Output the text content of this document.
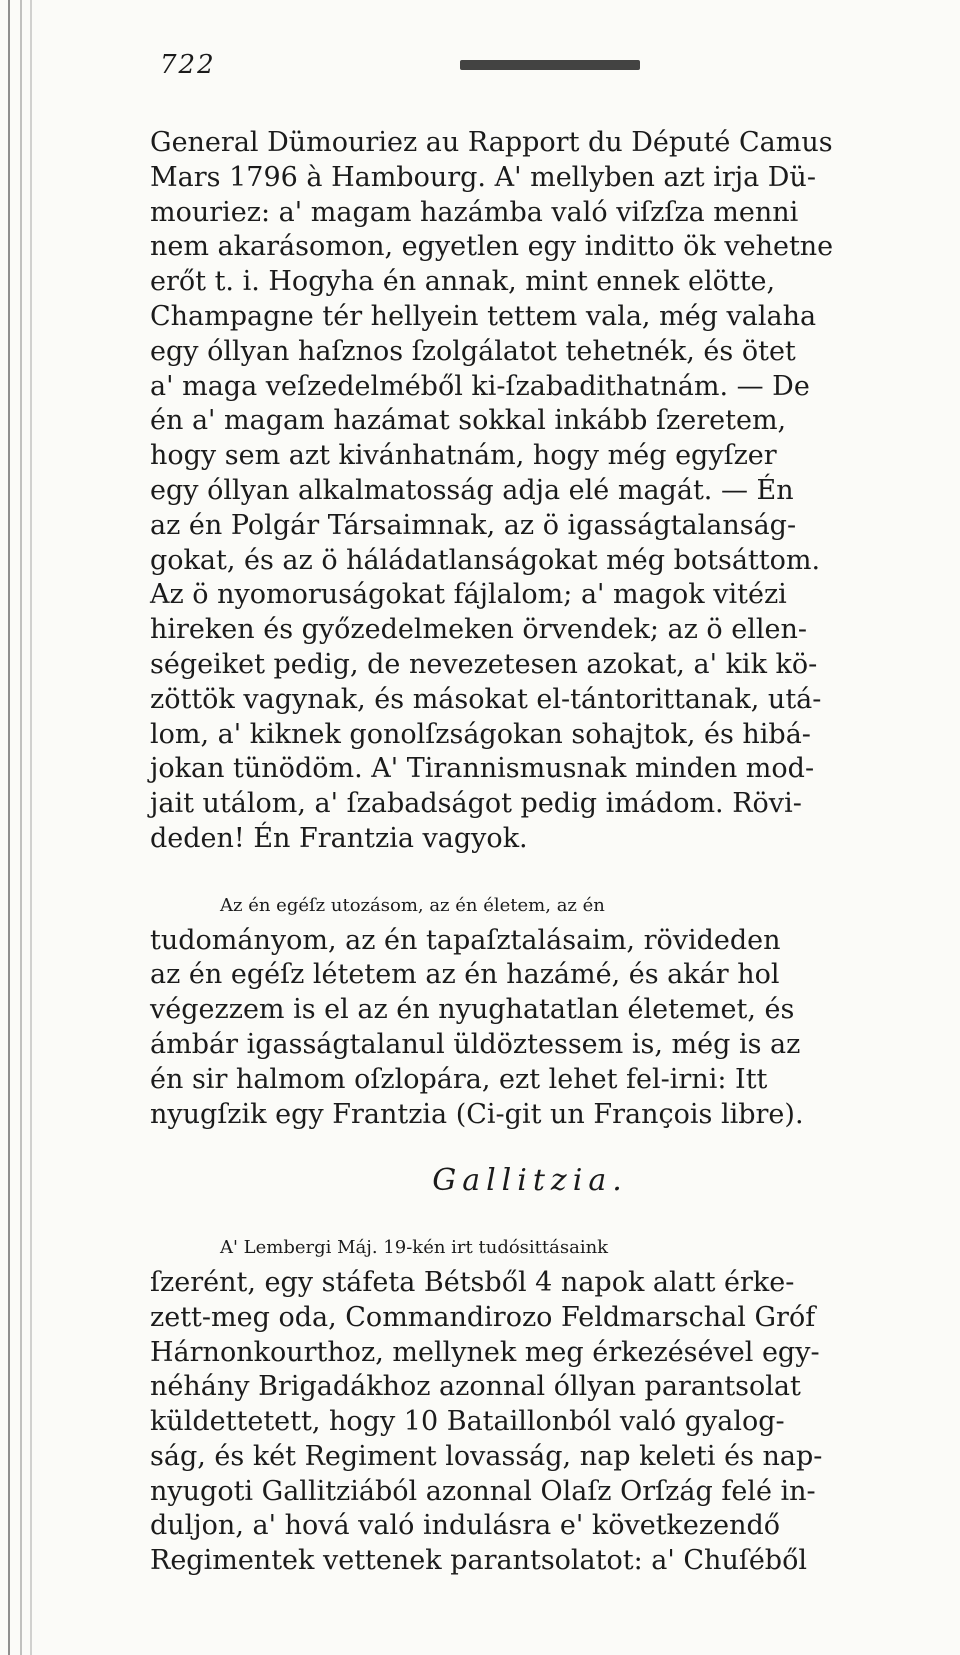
722
General Dümouriez au Rapport du Député Camus
Mars 1796 à Hambourg. A' mellyben azt irja Dü-
mouriez: a' magam hazámba való viſzſza menni
nem akarásomon, egyetlen egy inditto ök vehetne
erőt t. i. Hogyha én annak, mint ennek elötte,
Champagne tér hellyein tettem vala, még valaha
egy óllyan haſznos ſzolgálatot tehetnék, és ötet
a' maga veſzedelméből ki-ſzabadithatnám. — De
én a' magam hazámat sokkal inkább ſzeretem,
hogy sem azt kivánhatnám, hogy még egyſzer
egy óllyan alkalmatosság adja elé magát. — Én
az én Polgár Társaimnak, az ö igasságtalanság-
gokat, és az ö háládatlanságokat még botsáttom.
Az ö nyomoruságokat fájlalom; a' magok vitézi
hireken és győzedelmeken örvendek; az ö ellen-
ségeiket pedig, de nevezetesen azokat, a' kik kö-
zöttök vagynak, és másokat el-tántorittanak, utá-
lom, a' kiknek gonolſzságokan sohajtok, és hibá-
jokan tünödöm. A' Tirannismusnak minden mod-
jait utálom, a' ſzabadságot pedig imádom. Rövi-
deden! Én Frantzia vagyok.
Az én egéſz utozásom, az én életem, az én
tudományom, az én tapaſztalásaim, rövideden
az én egéſz létetem az én hazámé, és akár hol
végezzem is el az én nyughatatlan életemet, és
ámbár igasságtalanul üldöztessem is, még is az
én sir halmom oſzlopára, ezt lehet fel-irni: Itt
nyugſzik egy Frantzia (Ci-git un François libre).
Gallitzia.
A' Lembergi Máj. 19-kén irt tudósittásaink
ſzerént, egy stáfeta Bétsből 4 napok alatt érke-
zett-meg oda, Commandirozo Feldmarschal Gróf
Hárnonkourthoz, mellynek meg érkezésével egy-
néhány Brigadákhoz azonnal óllyan parantsolat
küldettetett, hogy 10 Bataillonból való gyalog-
ság, és két Regiment lovasság, nap keleti és nap-
nyugoti Gallitziából azonnal Olaſz Orſzág felé in-
duljon, a' hová való indulásra e' következendő
Regimentek vettenek parantsolatot: a' Chuſéből
